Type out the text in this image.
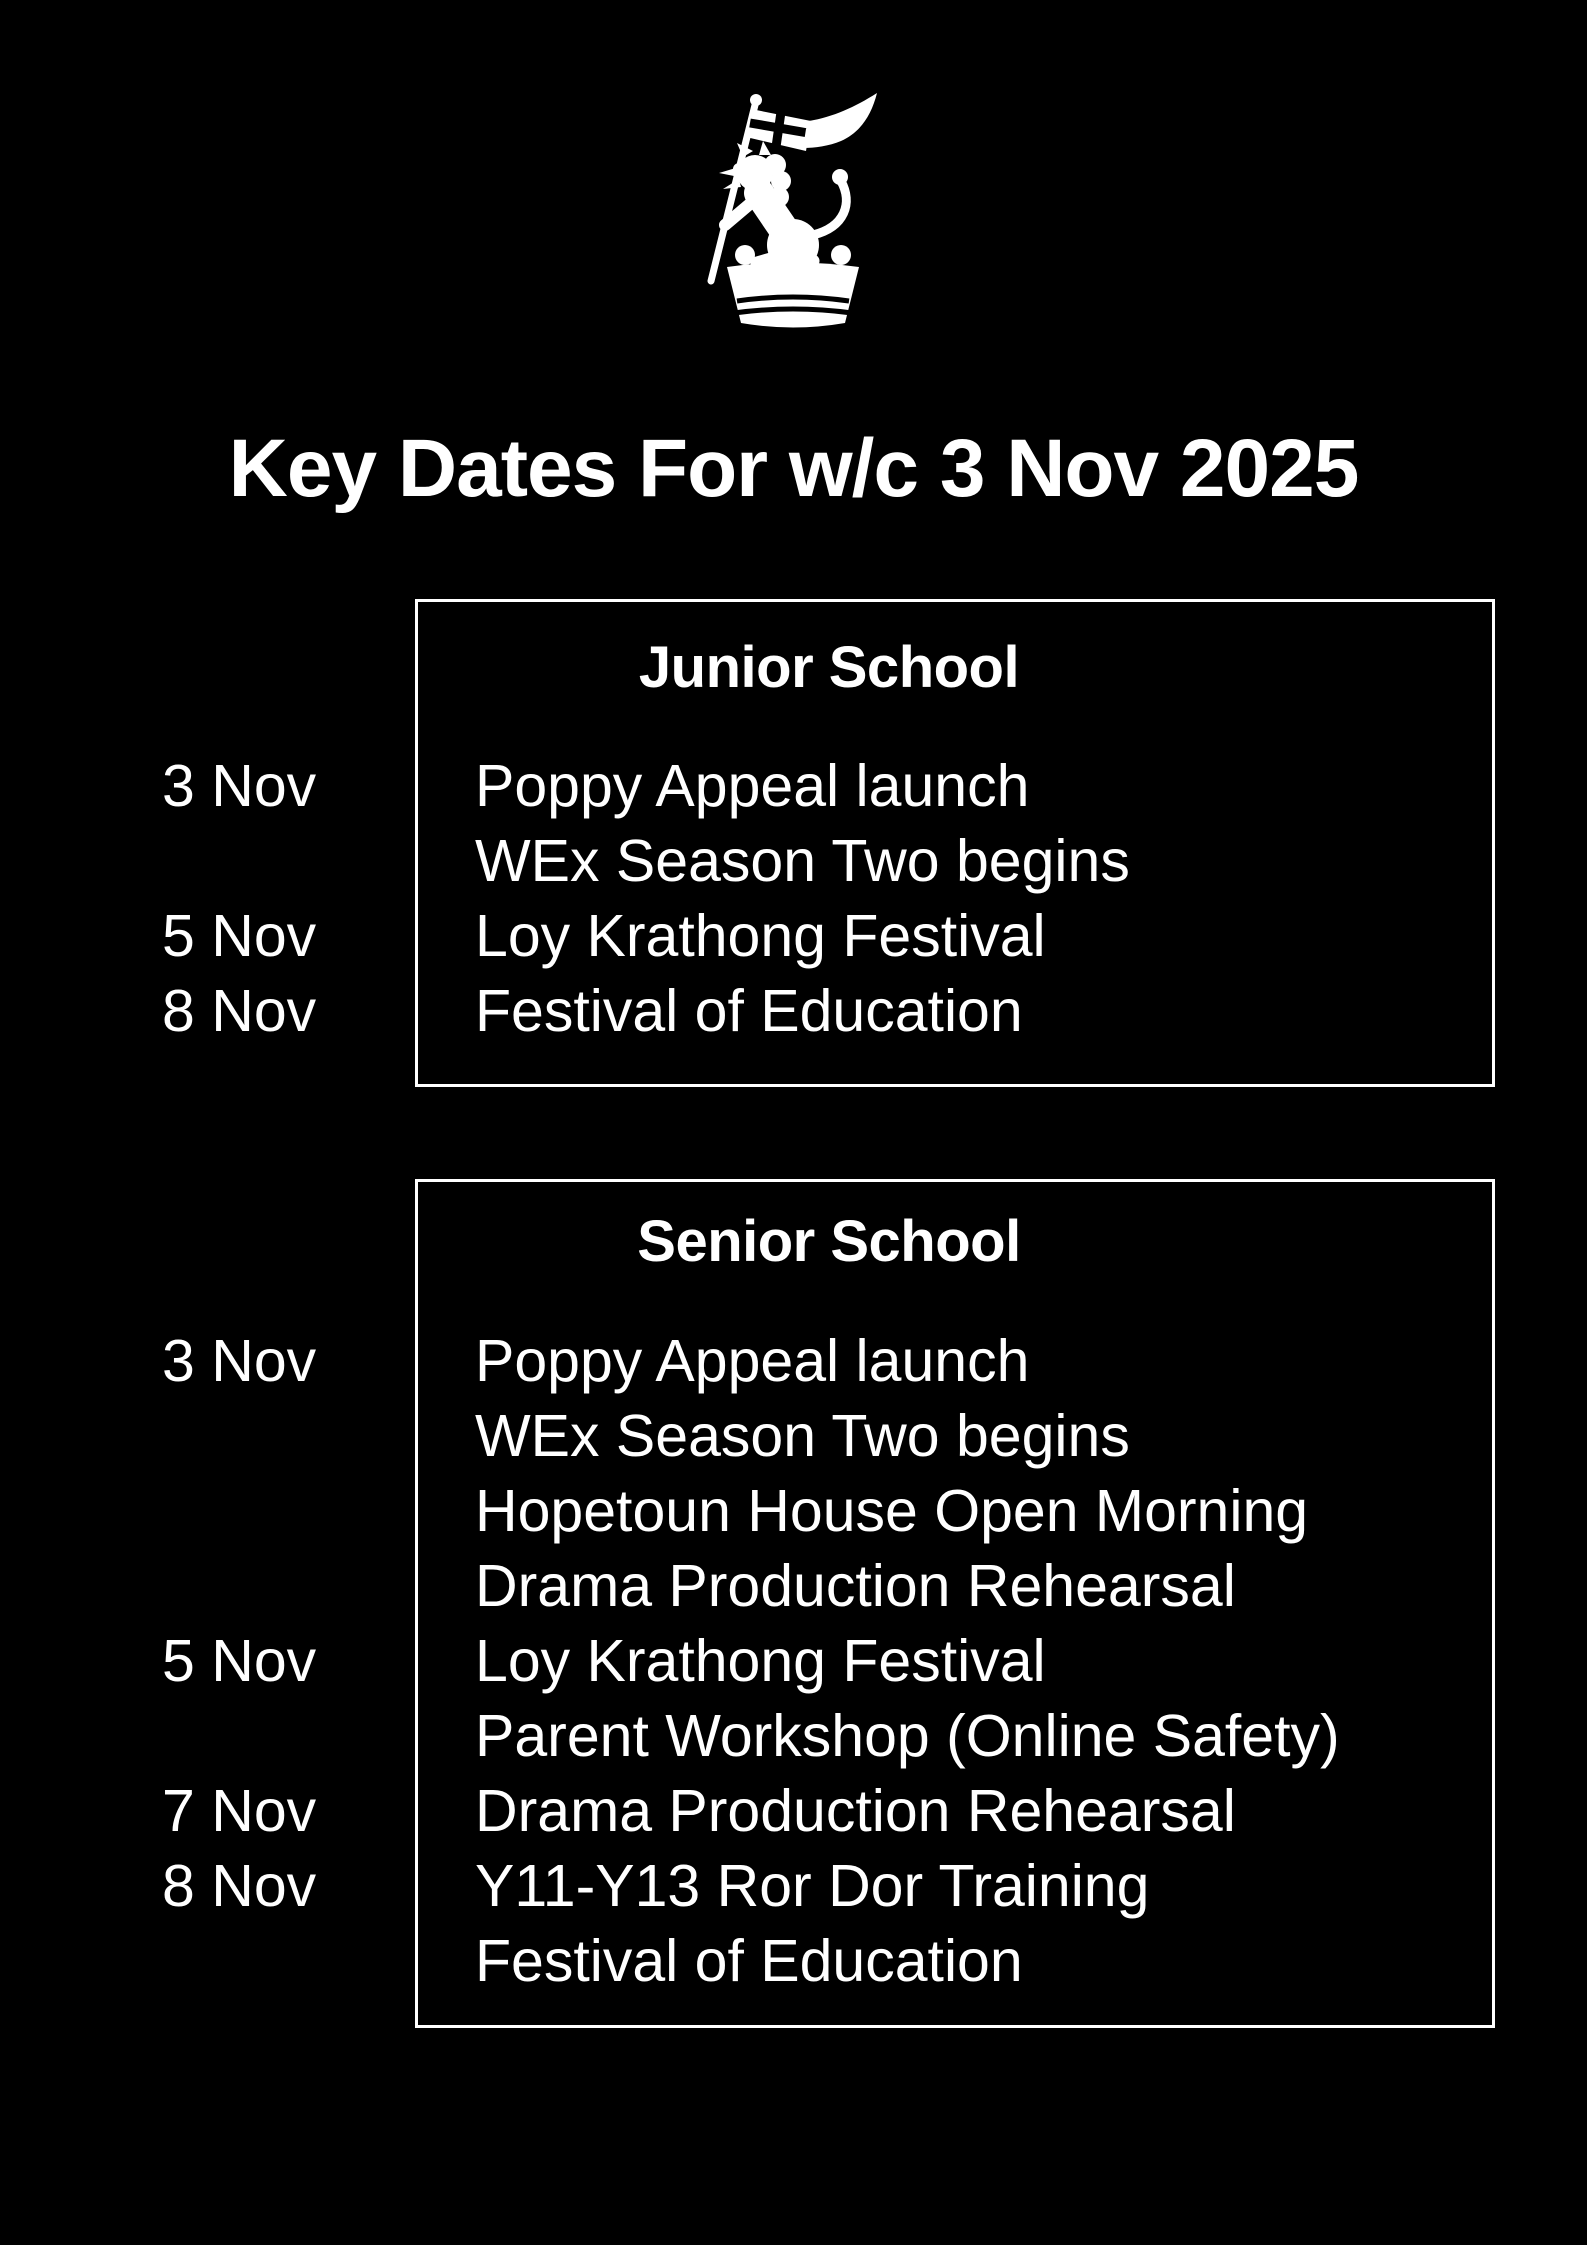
Key Dates For w/c 3 Nov 2025
Junior School
3 Nov
5 Nov
8 Nov
Poppy Appeal launch
WEx Season Two begins
Loy Krathong Festival
Festival of Education
Senior School
3 Nov
5 Nov
7 Nov
8 Nov
Poppy Appeal launch
WEx Season Two begins
Hopetoun House Open Morning
Drama Production Rehearsal
Loy Krathong Festival
Parent Workshop (Online Safety)
Drama Production Rehearsal
Y11-Y13 Ror Dor Training
Festival of Education
